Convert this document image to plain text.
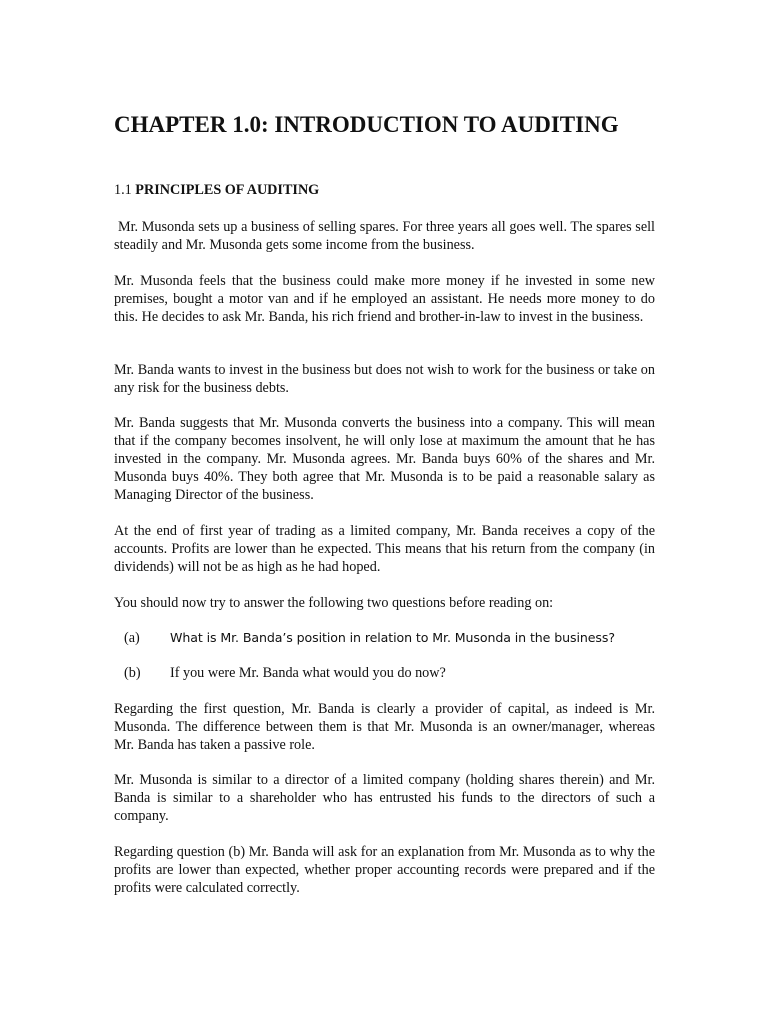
CHAPTER 1.0: INTRODUCTION TO AUDITING
1.1 PRINCIPLES OF AUDITING

Mr. Musonda sets up a business of selling spares. For three years all goes well. The spares sell steadily and Mr. Musonda gets some income from the business.

Mr. Musonda feels that the business could make more money if he invested in some new premises, bought a motor van and if he employed an assistant. He needs more money to do this. He decides to ask Mr. Banda, his rich friend and brother-in-law to invest in the business.

Mr. Banda wants to invest in the business but does not wish to work for the business or take on any risk for the business debts.

Mr. Banda suggests that Mr. Musonda converts the business into a company. This will mean that if the company becomes insolvent, he will only lose at maximum the amount that he has invested in the company. Mr. Musonda agrees. Mr. Banda buys 60% of the shares and Mr. Musonda buys 40%. They both agree that Mr. Musonda is to be paid a reasonable salary as Managing Director of the business.

At the end of first year of trading as a limited company, Mr. Banda receives a copy of the accounts. Profits are lower than he expected. This means that his return from the company (in dividends) will not be as high as he had hoped.

You should now try to answer the following two questions before reading on:

(a) What is Mr. Banda’s position in relation to Mr. Musonda in the business?

(b) If you were Mr. Banda what would you do now?

Regarding the first question, Mr. Banda is clearly a provider of capital, as indeed is Mr. Musonda. The difference between them is that Mr. Musonda is an owner/manager, whereas Mr. Banda has taken a passive role.

Mr. Musonda is similar to a director of a limited company (holding shares therein) and Mr. Banda is similar to a shareholder who has entrusted his funds to the directors of such a company.

Regarding question (b) Mr. Banda will ask for an explanation from Mr. Musonda as to why the profits are lower than expected, whether proper accounting records were prepared and if the profits were calculated correctly.
